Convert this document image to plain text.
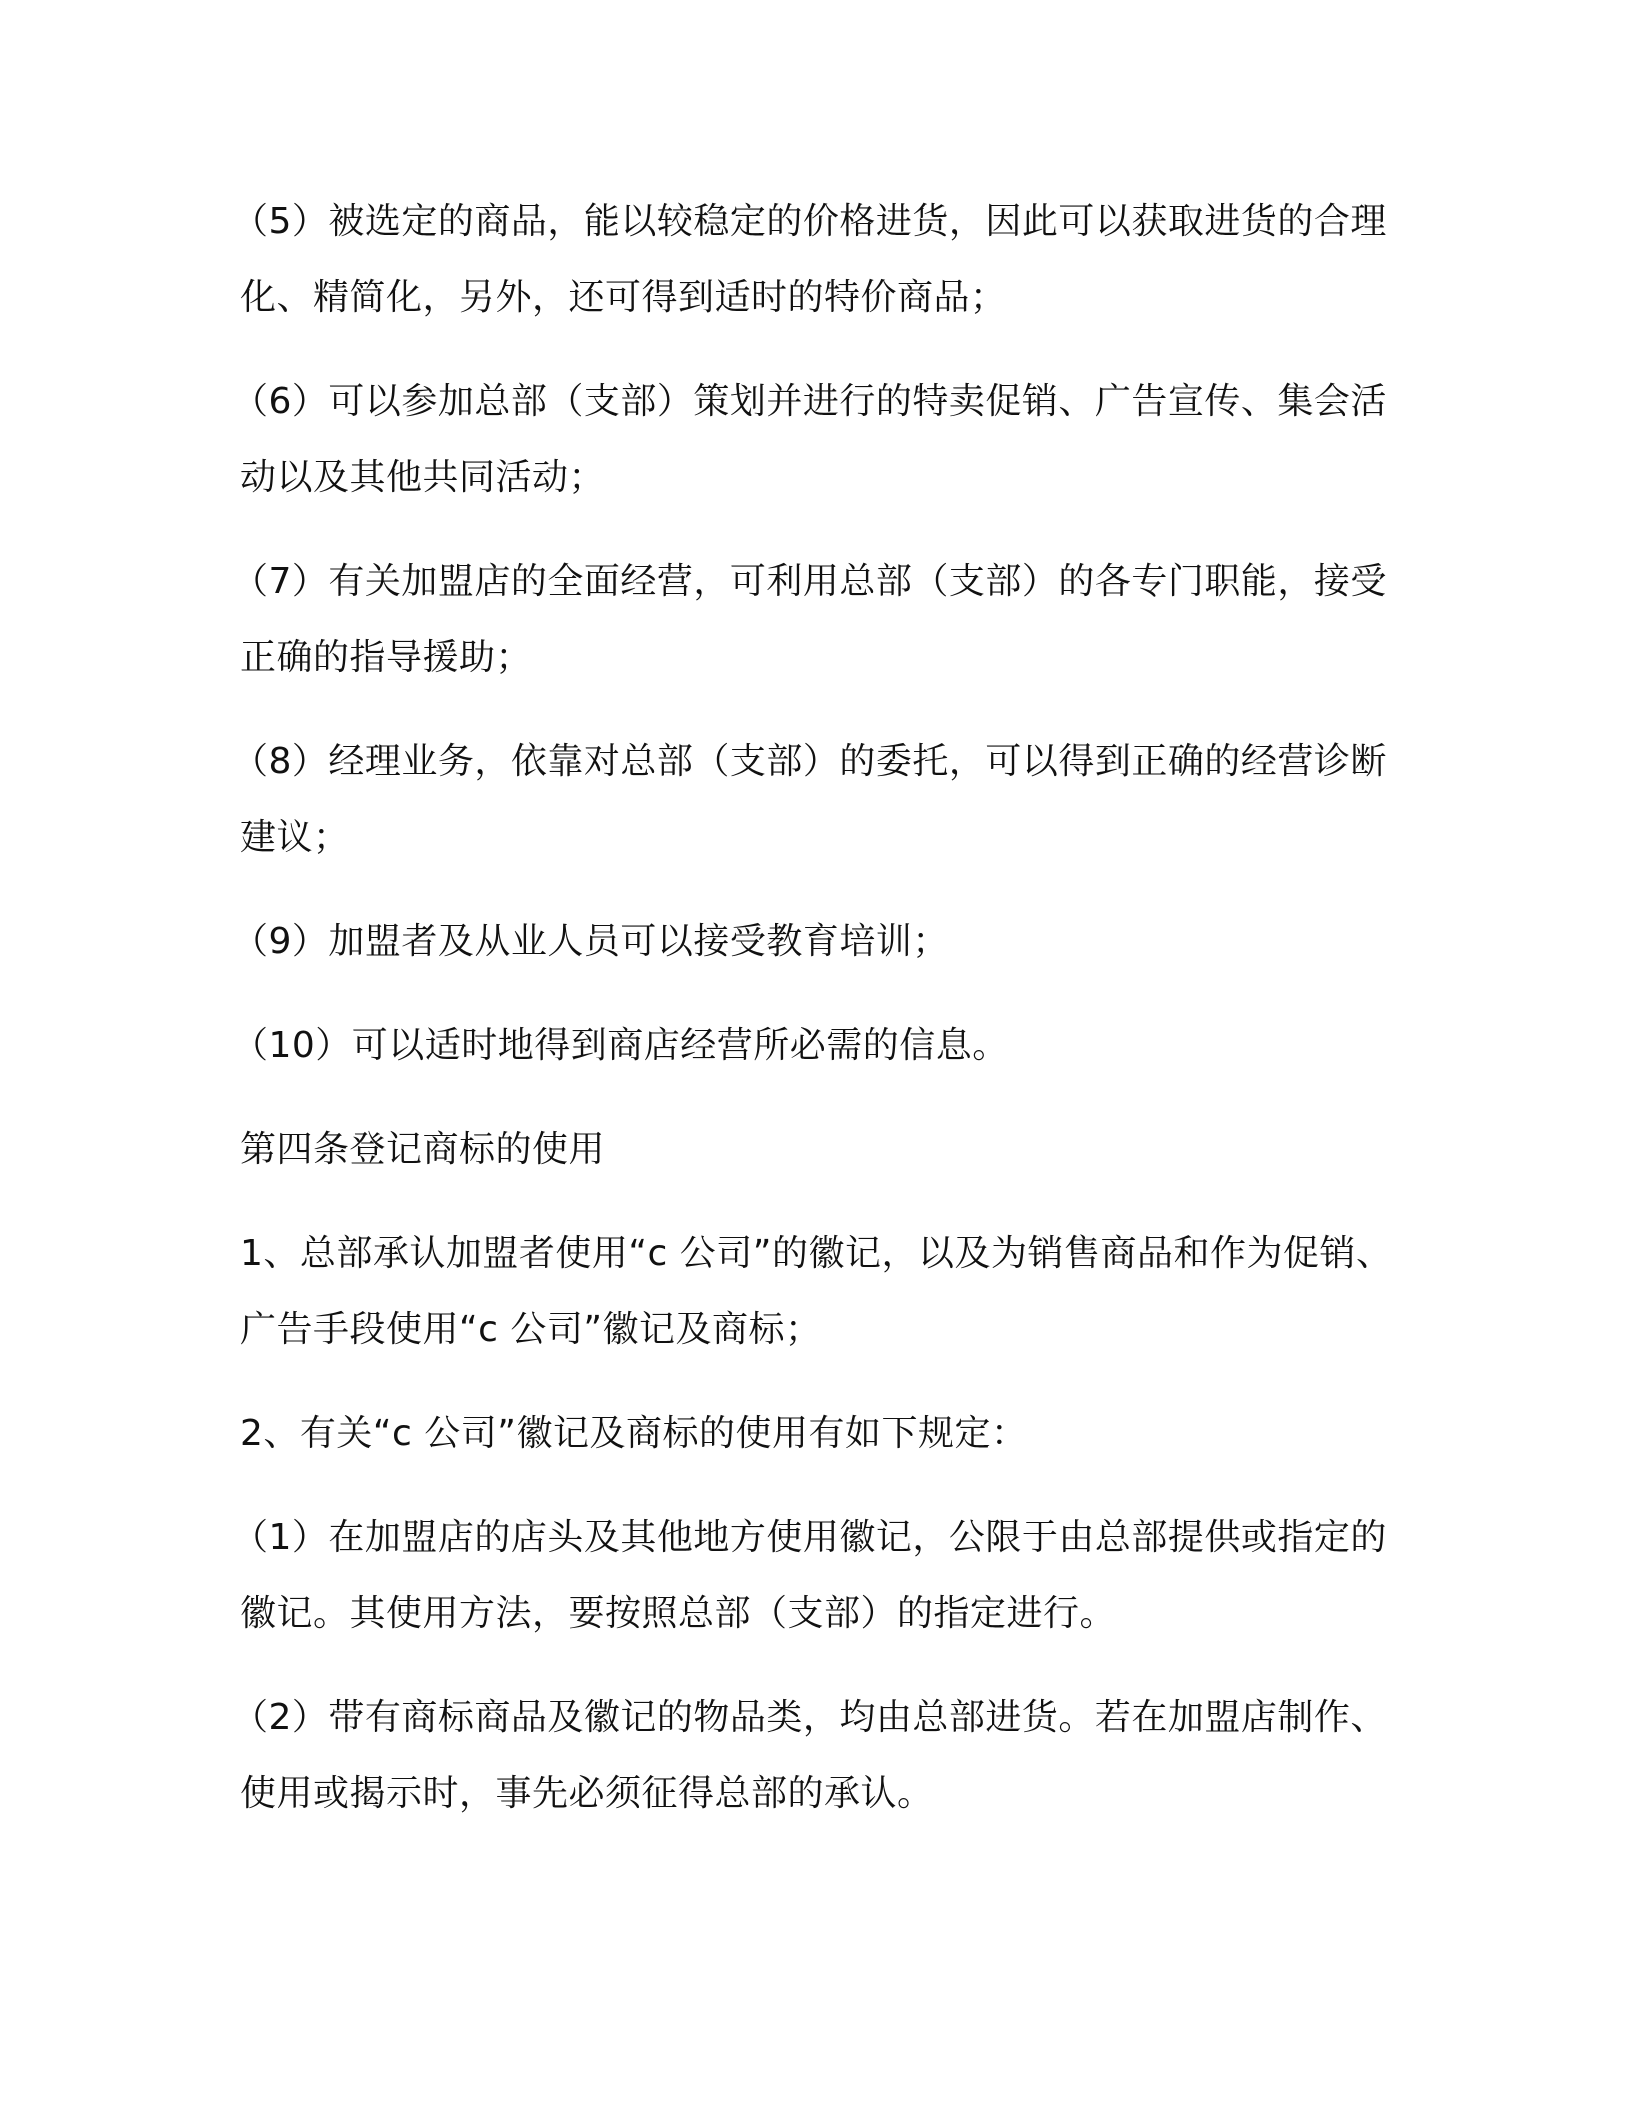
（5）被选定的商品，能以较稳定的价格进货，因此可以获取进货的合理化、精简化，另外，还可得到适时的特价商品；

（6）可以参加总部（支部）策划并进行的特卖促销、广告宣传、集会活动以及其他共同活动；

（7）有关加盟店的全面经营，可利用总部（支部）的各专门职能，接受正确的指导援助；

（8）经理业务，依靠对总部（支部）的委托，可以得到正确的经营诊断建议；

（9）加盟者及从业人员可以接受教育培训；

（10）可以适时地得到商店经营所必需的信息。

第四条登记商标的使用

1、总部承认加盟者使用“c 公司”的徽记，以及为销售商品和作为促销、广告手段使用“c 公司”徽记及商标；

2、有关“c 公司”徽记及商标的使用有如下规定：

（1）在加盟店的店头及其他地方使用徽记，公限于由总部提供或指定的徽记。其使用方法，要按照总部（支部）的指定进行。

（2）带有商标商品及徽记的物品类，均由总部进货。若在加盟店制作、使用或揭示时，事先必须征得总部的承认。
